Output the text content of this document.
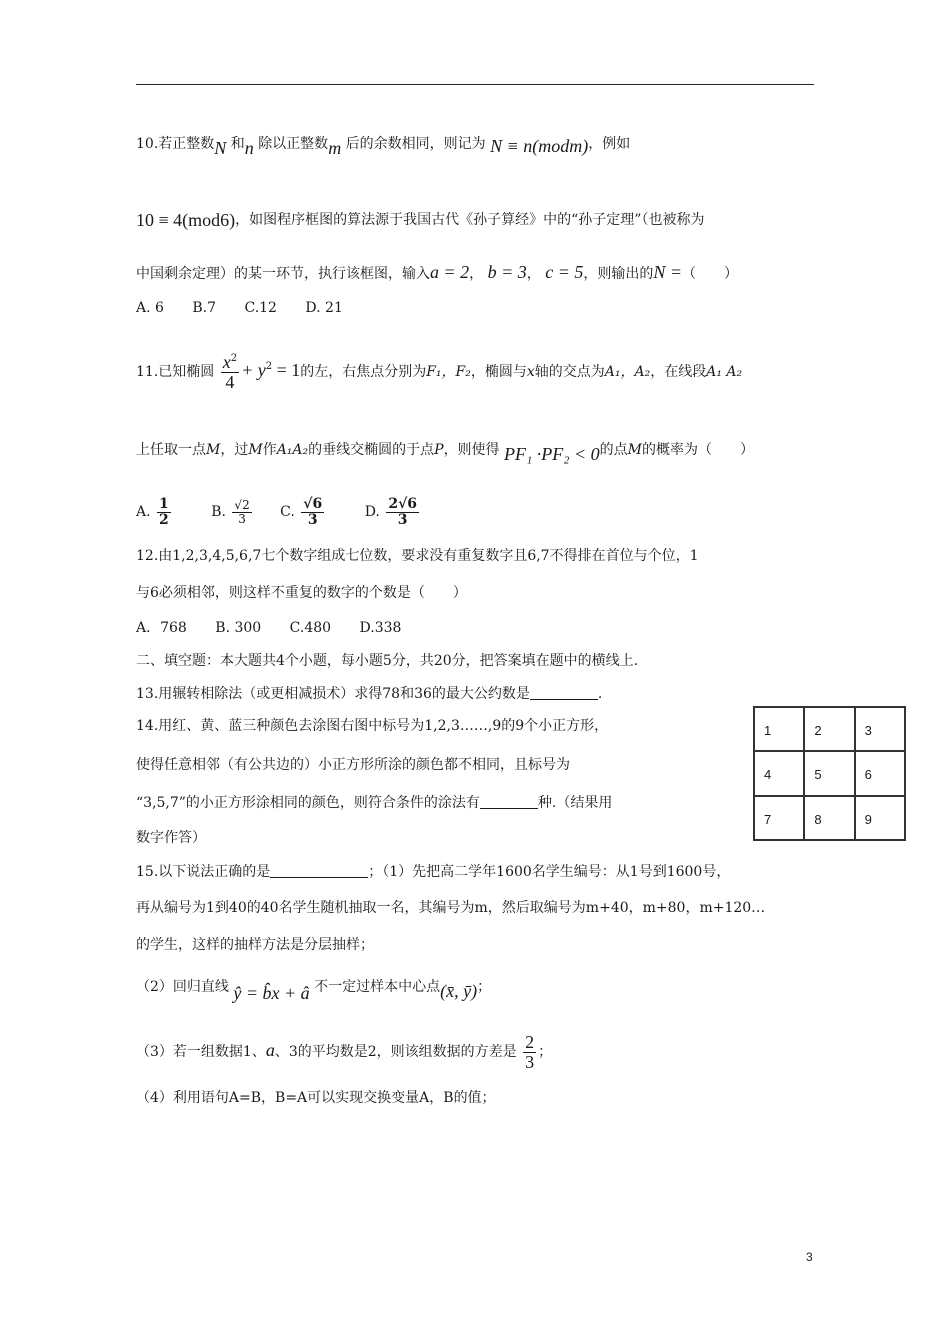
10.若正整数N 和n 除以正整数m 后的余数相同，则记为 N ≡ n(modm)，例如
10 ≡ 4(mod6)，如图程序框图的算法源于我国古代《孙子算经》中的“孙子定理”（也被称为
中国剩余定理）的某一环节，执行该框图，输入a = 2， b = 3， c = 5，则输出的N =（　　）
A. 6 B.7 C.12 D. 21
11.已知椭圆 $\frac{x^2}{4} + y^2 = 1$的左，右焦点分别为F₁，F₂，椭圆与x轴的交点为A₁，A₂，在线段A₁ A₂
上任取一点M，过M作A₁A₂的垂线交椭圆的于点P，则使得 PF₁ ·PF₂ < 0的点M的概率为（　　）
A. $\frac{1}{2}$	B. $\frac{√2}{3} C$. $\frac{√6}{3}$	D. $\frac{2√6}{3}$
12.由1,2,3,4,5,6,7七个数字组成七位数，要求没有重复数字且6,7不得排在首位与个位，1
与6必须相邻，则这样不重复的数字的个数是（　　）
A．768 B. 300 C.480 D.338
二、填空题：本大题共4个小题，每小题5分，共20分，把答案填在题中的横线上.
13.用辗转相除法（或更相减损术）求得78和36的最大公约数是	.
14.用红、黄、蓝三种颜色去涂图右图中标号为1,2,3……,9的9个小正方形，
使得任意相邻（有公共边的）小正方形所涂的颜色都不相同，且标号为
“3,5,7”的小正方形涂相同的颜色，则符合条件的涂法有	种.（结果用
数字作答）
1	2	3
4	5	6
7	8	9
15.以下说法正确的是	；（1）先把高二学年1600名学生编号：从1号到1600号，
再从编号为1到40的40名学生随机抽取一名，其编号为m，然后取编号为m+40，m+80，m+120…
的学生，这样的抽样方法是分层抽样；
（2）回归直线 ŷ = b̂x + â 不一定过样本中心点(x̄, ȳ)；
（3）若一组数据1、a、3的平均数是2，则该组数据的方差是 $\frac{2}{3}$ ；
（4）利用语句A=B，B=A可以实现交换变量A，B的值；
3
